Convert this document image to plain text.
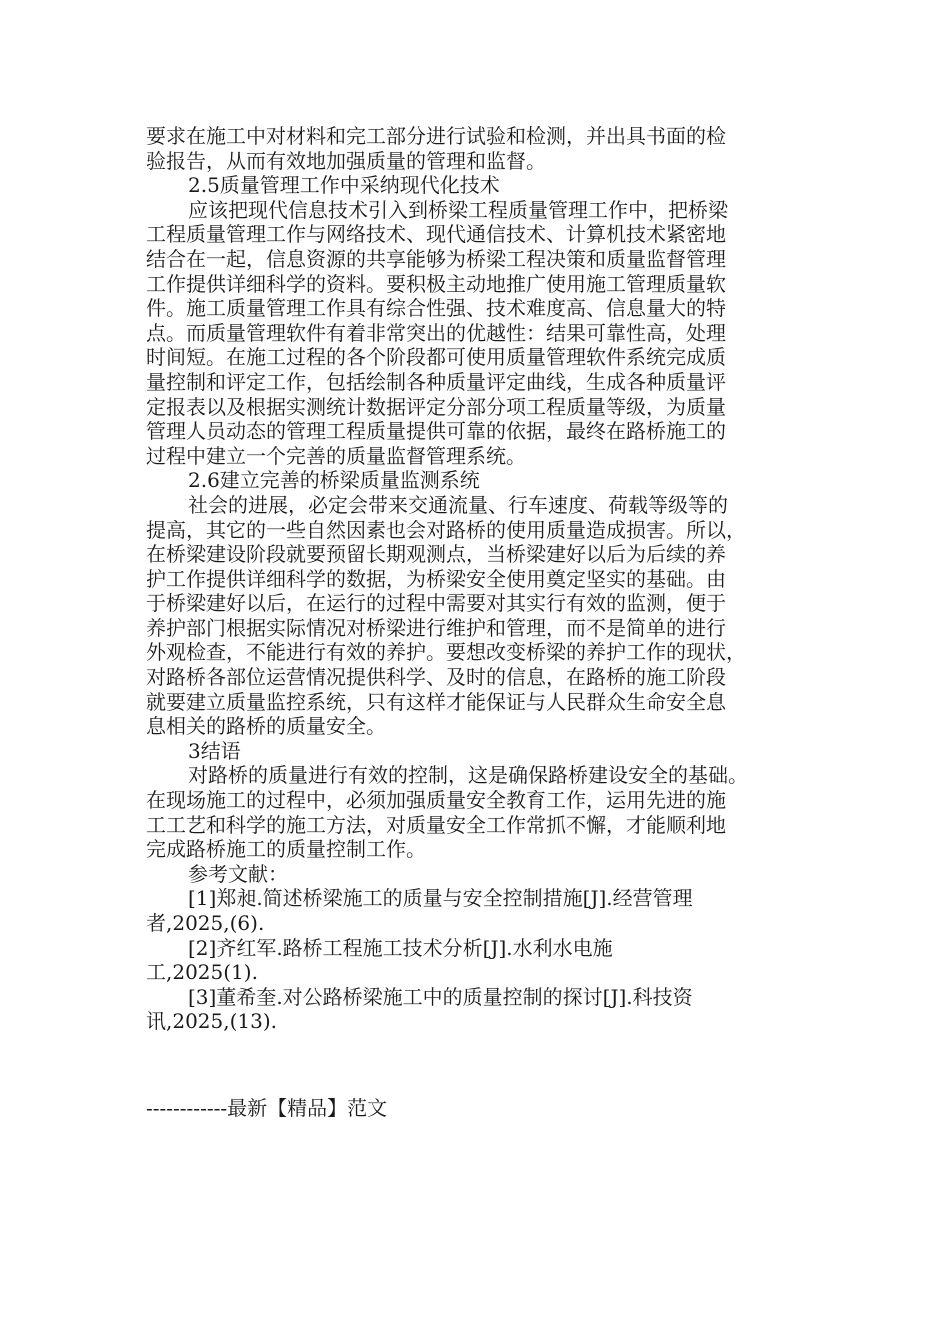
要求在施工中对材料和完工部分进行试验和检测，并出具书面的检
验报告，从而有效地加强质量的管理和监督。
2.5质量管理工作中采纳现代化技术
应该把现代信息技术引入到桥梁工程质量管理工作中，把桥梁
工程质量管理工作与网络技术、现代通信技术、计算机技术紧密地
结合在一起，信息资源的共享能够为桥梁工程决策和质量监督管理
工作提供详细科学的资料。要积极主动地推广使用施工管理质量软
件。施工质量管理工作具有综合性强、技术难度高、信息量大的特
点。而质量管理软件有着非常突出的优越性：结果可靠性高，处理
时间短。在施工过程的各个阶段都可使用质量管理软件系统完成质
量控制和评定工作，包括绘制各种质量评定曲线，生成各种质量评
定报表以及根据实测统计数据评定分部分项工程质量等级，为质量
管理人员动态的管理工程质量提供可靠的依据，最终在路桥施工的
过程中建立一个完善的质量监督管理系统。
2.6建立完善的桥梁质量监测系统
社会的进展，必定会带来交通流量、行车速度、荷载等级等的
提高，其它的一些自然因素也会对路桥的使用质量造成损害。所以，
在桥梁建设阶段就要预留长期观测点，当桥梁建好以后为后续的养
护工作提供详细科学的数据，为桥梁安全使用奠定坚实的基础。由
于桥梁建好以后，在运行的过程中需要对其实行有效的监测，便于
养护部门根据实际情况对桥梁进行维护和管理，而不是简单的进行
外观检查，不能进行有效的养护。要想改变桥梁的养护工作的现状，
对路桥各部位运营情况提供科学、及时的信息，在路桥的施工阶段
就要建立质量监控系统，只有这样才能保证与人民群众生命安全息
息相关的路桥的质量安全。
3结语
对路桥的质量进行有效的控制，这是确保路桥建设安全的基础。
在现场施工的过程中，必须加强质量安全教育工作，运用先进的施
工工艺和科学的施工方法，对质量安全工作常抓不懈，才能顺利地
完成路桥施工的质量控制工作。
参考文献：
[1]郑昶.简述桥梁施工的质量与安全控制措施[J].经营管理
者,2025,(6).
[2]齐红军.路桥工程施工技术分析[J].水利水电施
工,2025(1).
[3]董希奎.对公路桥梁施工中的质量控制的探讨[J].科技资
讯,2025,(13).
------------最新【精品】范文
